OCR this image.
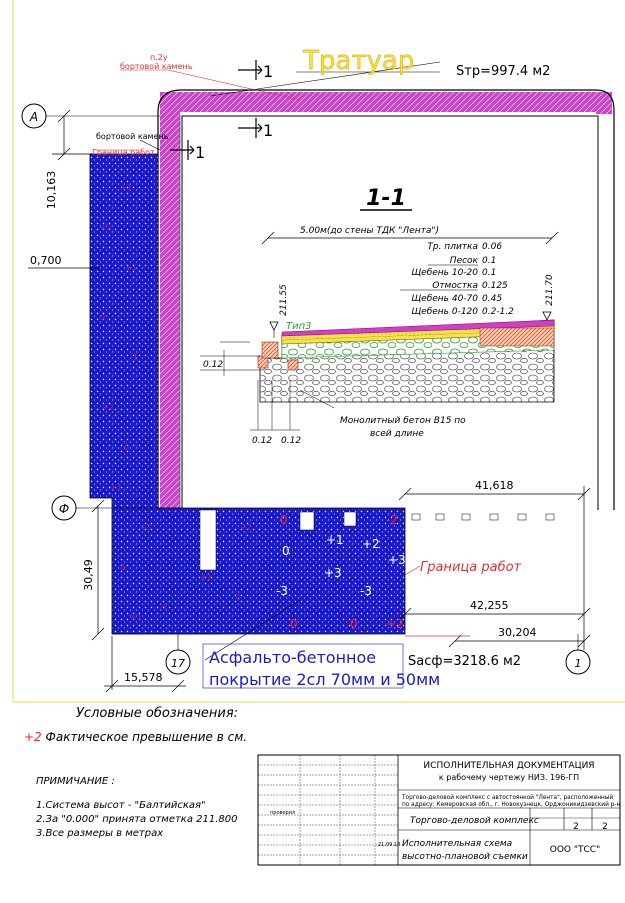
А
Ф
17	1
10,163
0,700
30,49
15,578
41,618
42,255
30,204
1
1
1
Тратуар	Sтр=997.4 м2
п.2у
бортовой камень
бортовой камень
Граница работ
Граница работ
0
0
-2
+1 +2
+3
+3
-3	-3
0	0 +2
+1
+2
+1
0
-1
+2
0
+1
+2
0
+1
-1
+2
0
+1
Асфальто-бетонное
покрытие 2сл 70мм и 50мм
Sасф=3218.6 м2
1-1
5.00м(до стены ТДК "Лента")
Тр. плитка 0.06
Песок 0.1
Щебень 10-20 0.1
Отмостка 0.125
Щебень 40-70 0.45
Щебень 0-120 0.2-1.2
211.55	211.70
Тип3
0.12
0.12 0.12
Монолитный бетон В15 по
всей длине
ИСПОЛНИТЕЛЬНАЯ ДОКУМЕНТАЦИЯ
к рабочему чертежу НИЗ. 196-ГП
Торгово-деловой комплекс с автостоянкой "Лента", расположенный
по адресу: Кемеровская обл., г. Новокузнецк, Орджоникидзевский р-н
Торгово-деловой комплекс
Исполнительная схема
высотно-плановой съемки
2	2
ООО "ТСС"
проверил
21.09.18
Условные обозначения:
+2 Фактическое превышение в см.
ПРИМИЧАНИЕ :
1.Система высот - "Балтийская"
2.За "0.000" принята отметка 211.800
3.Все размеры в метрах
